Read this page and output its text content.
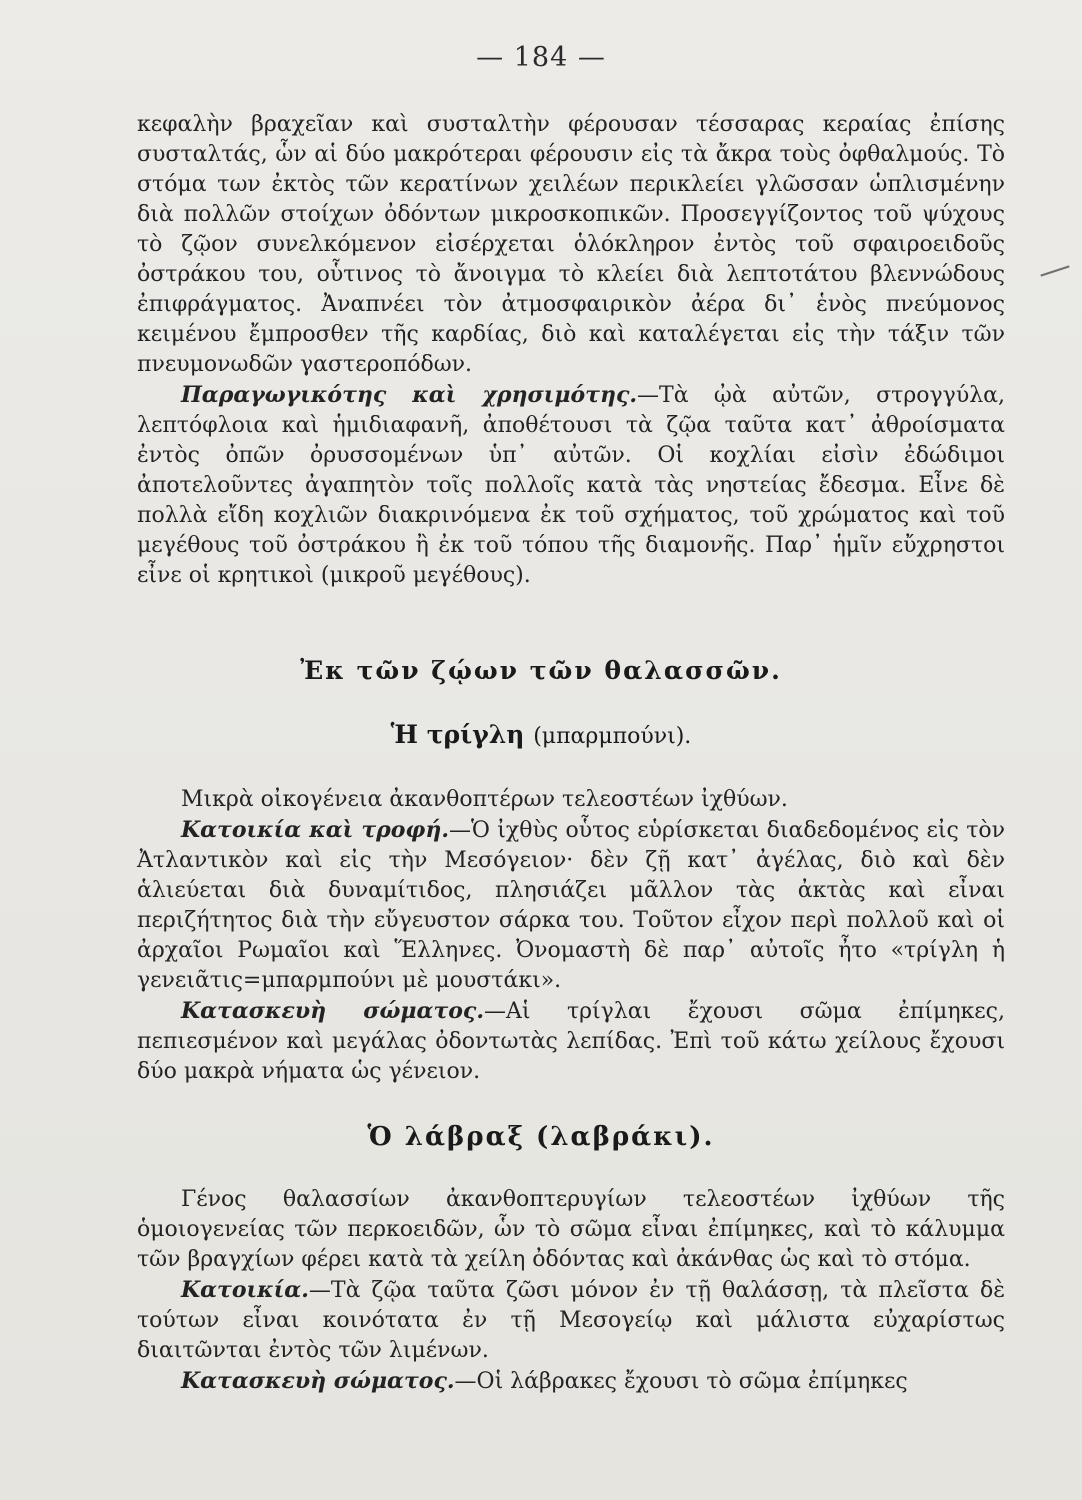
— 184 —

κεφαλὴν βραχεῖαν καὶ συσταλτὴν φέρουσαν τέσσαρας κεραίας ἐπίσης συσταλτάς, ὧν αἱ δύο μακρότεραι φέρουσιν εἰς τὰ ἄκρα τοὺς ὀφθαλμούς. Τὸ στόμα των ἐκτὸς τῶν κερατίνων χειλέων περικλείει γλῶσσαν ὡπλισμένην διὰ πολλῶν στοίχων ὀδόντων μικροσκοπικῶν. Προσεγγίζοντος τοῦ ψύχους τὸ ζῷον συνελκόμενον εἰσέρχεται ὁλόκληρον ἐντὸς τοῦ σφαιροειδοῦς ὀστράκου του, οὗτινος τὸ ἄνοιγμα τὸ κλείει διὰ λεπτοτάτου βλεννώδους ἐπιφράγματος. Ἀναπνέει τὸν ἀτμοσφαιρικὸν ἀέρα δι᾽ ἑνὸς πνεύμονος κειμένου ἔμπροσθεν τῆς καρδίας, διὸ καὶ καταλέγεται εἰς τὴν τάξιν τῶν πνευμονωδῶν γαστεροπόδων.

Παραγωγικότης καὶ χρησιμότης.—Τὰ ᾠὰ αὐτῶν, στρογγύλα, λεπτόφλοια καὶ ἡμιδιαφανῆ, ἀποθέτουσι τὰ ζῷα ταῦτα κατ᾽ ἀθροίσματα ἐντὸς ὀπῶν ὀρυσσομένων ὑπ᾽ αὐτῶν. Οἱ κοχλίαι εἰσὶν ἐδώδιμοι ἀποτελοῦντες ἀγαπητὸν τοῖς πολλοῖς κατὰ τὰς νηστείας ἔδεσμα. Εἶνε δὲ πολλὰ εἴδη κοχλιῶν διακρινόμενα ἐκ τοῦ σχήματος, τοῦ χρώματος καὶ τοῦ μεγέθους τοῦ ὀστράκου ἢ ἐκ τοῦ τόπου τῆς διαμονῆς. Παρ᾽ ἡμῖν εὔχρηστοι εἶνε οἱ κρητικοὶ (μικροῦ μεγέθους).

Ἐκ τῶν ζῴων τῶν θαλασσῶν.
Ἡ τρίγλη (μπαρμπούνι).

Μικρὰ οἰκογένεια ἀκανθοπτέρων τελεοστέων ἰχθύων.

Κατοικία καὶ τροφή.—Ὁ ἰχθὺς οὗτος εὑρίσκεται διαδεδομένος εἰς τὸν Ἀτλαντικὸν καὶ εἰς τὴν Μεσόγειον· δὲν ζῇ κατ᾽ ἀγέλας, διὸ καὶ δὲν ἁλιεύεται διὰ δυναμίτιδος, πλησιάζει μᾶλλον τὰς ἀκτὰς καὶ εἶναι περιζήτητος διὰ τὴν εὔγευστον σάρκα του. Τοῦτον εἶχον περὶ πολλοῦ καὶ οἱ ἀρχαῖοι Ρωμαῖοι καὶ Ἕλληνες. Ὀνομαστὴ δὲ παρ᾽ αὐτοῖς ἦτο «τρίγλη ἡ γενειᾶτις=μπαρμπούνι μὲ μουστάκι».

Κατασκευὴ σώματος.—Αἱ τρίγλαι ἔχουσι σῶμα ἐπίμηκες, πεπιεσμένον καὶ μεγάλας ὀδοντωτὰς λεπίδας. Ἐπὶ τοῦ κάτω χείλους ἔχουσι δύο μακρὰ νήματα ὡς γένειον.

Ὁ λάβραξ (λαβράκι).

Γένος θαλασσίων ἀκανθοπτερυγίων τελεοστέων ἰχθύων τῆς ὁμοιογενείας τῶν περκοειδῶν, ὧν τὸ σῶμα εἶναι ἐπίμηκες, καὶ τὸ κάλυμμα τῶν βραγχίων φέρει κατὰ τὰ χείλη ὀδόντας καὶ ἀκάνθας ὡς καὶ τὸ στόμα.

Κατοικία.—Τὰ ζῷα ταῦτα ζῶσι μόνον ἐν τῇ θαλάσσῃ, τὰ πλεῖστα δὲ τούτων εἶναι κοινότατα ἐν τῇ Μεσογείῳ καὶ μάλιστα εὐχαρίστως διαιτῶνται ἐντὸς τῶν λιμένων.

Κατασκευὴ σώματος.—Οἱ λάβρακες ἔχουσι τὸ σῶμα ἐπίμηκες
